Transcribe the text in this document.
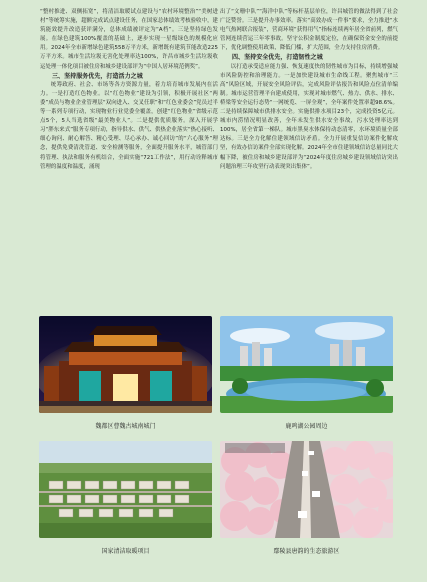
“整村推进、双侧拓宽”，将清洁取暖试点建设与“农村环境整治”“美树进村”等统筹实施，超额完成试点建设任务，在国家总体绩效考核验收中，建筑能效提升改造获评满分，总体成绩被评定为“A档”。三是坚持绿色发展。在绿色建筑100%覆盖的基础上，逐步实现一星级绿色的规模化应用。2024年全市新增绿色建筑558万平方米，新增既有建筑节能改造225万平方米。城市生活垃圾无害化处理率达100%，许昌市城乡生活垃圾收运处理一体化项目被住房和城乡建设部评为“中国人居环境范例奖”。

三、坚持服务优先，打造活力之城

统筹政府、社会、市场等各方资源力量，着力培育城市发展内在活力。一是打造红色物业。以“红色物业”建设为引领，积极开展社区“两委”成员与物业企业管理层“双向进入、交叉任职”和“红色业委会”党员过半等一系列专项行动，实现物业行业党委全覆盖，创建“红色物业”省级示范点5个，5人当选省级“最美物业人”。二是提供优质服务。深入开展学习“胖东来式”服务专项行动，指导供水、供气、供热企业落实“热心接听、细心询问、耐心解答、精心受理、尽心承办、诚心回访”的“六心服务”理念，提供免费清洗管道、安全检测等服务，全面提升服务水平，城管部门将管理、执法和服务有机结合，全面实施“721工作法”，用行动诠释城市管理的温度和温度，涌现

出了“文珊中队”“海洋中队”等标杆基层单位，许昌城管的做法得到了社会广泛赞誉。三是提升办事效率。落实“高效办成一件事”要求，全力推进“水电气热网联合报装”，营商环境“获得用气”指标连续两年居全省前列，燃气管网连续营运三年零事故。坚守公积金制度定位，在确保资金安全的前提下，优化调整使用政策，降低门槛，扩大范围，全力支持住房消费。

四、坚持安全优先，打造韧性之城

以打造承受适应能力强、恢复速度快的韧性城市为目标，持续增强城市风险防控和治理能力。一是加快建设城市生命线工程。聚焦城市“三高”风险区域，开展安全风险评估，完成风险评估报告和风险点位清单编制。城市运营管理平台建成使用，实现对城市燃气、热力、供水、排水、桥梁等安全运行态势“一网统览、一屏全观”，全年案件处置率超98.6%。二是持续保障城市供排水安全。实施供排水项目23个，完成投资5亿元。城市内涝情况明显改善，全年未发生供水安全事故，污水处理率达到100%，居全省第一梯队。城市黑臭水体保持动态清零，水环境质量全部达标。三是全力化解住建领域信访矛盾。全力开展重复信访案件化解攻坚，有效办信访案件全部实现化解。2024年全市住建领域信访总量同比大幅下降，被住房和城乡建设部评为“2024年度住房城乡建设领域信访突出问题治理三年攻坚行动表现突出集体”。

魏都区曹魏古城南城门	鹿鸣湖公园周边
国家清洁取暖项目	鄢陵县唐韵的生态旅游区
